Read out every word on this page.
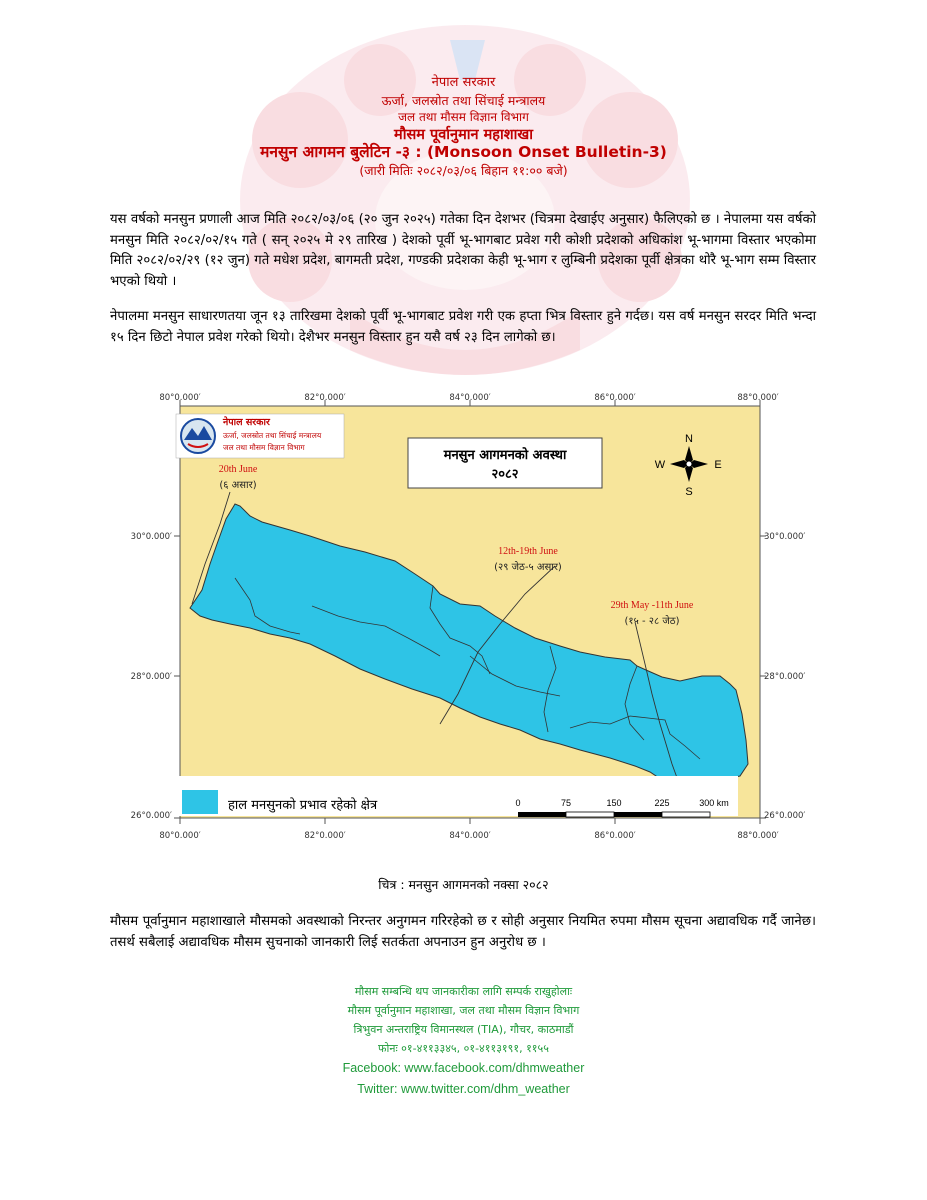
नेपाल सरकार
ऊर्जा, जलस्रोत तथा सिंचाई मन्त्रालय
जल तथा मौसम विज्ञान विभाग
मौसम पूर्वानुमान महाशाखा
मनसुन आगमन बुलेटिन -३ : (Monsoon Onset Bulletin-3)
(जारी मितिः २०८२/०३/०६ बिहान ११:०० बजे)

यस वर्षको मनसुन प्रणाली आज मिति २०८२/०३/०६ (२० जुन २०२५) गतेका दिन देशभर (चित्रमा देखाईए अनुसार) फैलिएको छ । नेपालमा यस वर्षको मनसुन मिति २०८२/०२/१५ गते ( सन् २०२५ मे २९ तारिख ) देशको पूर्वी भू-भागबाट प्रवेश गरी कोशी प्रदेशको अधिकांश भू-भागमा विस्तार भएकोमा मिति २०८२/०२/२९ (१२ जुन) गते मधेश प्रदेश, बागमती प्रदेश, गण्डकी प्रदेशका केही भू-भाग र लुम्बिनी प्रदेशका पूर्वी क्षेत्रका थोरै भू-भाग सम्म विस्तार भएको थियो ।

नेपालमा मनसुन साधारणतया जून १३ तारिखमा देशको पूर्वी भू-भागबाट प्रवेश गरी एक हप्ता भित्र विस्तार हुने गर्दछ। यस वर्ष मनसुन सरदर मिति भन्दा १५ दिन छिटो नेपाल प्रवेश गरेको थियो। देशैभर मनसुन विस्तार हुन यसै वर्ष २३ दिन लागेको छ।

80°0.000′	82°0.000′	84°0.000′	86°0.000′	88°0.000′
80°0.000′	82°0.000′	84°0.000′	86°0.000′	88°0.000′
30°0.000′
28°0.000′
26°0.000′
30°0.000′
28°0.000′
26°0.000′
नेपाल सरकार
ऊर्जा, जलस्रोत तथा सिंचाई मन्त्रालय
जल तथा मौसम विज्ञान विभाग
मनसुन आगमनको अवस्था
२०८२
N
S
W	E
20th June
(६ असार)
12th-19th June
(२९ जेठ-५ असार)
29th May -11th June
(१५ - २८ जेठ)
हाल मनसुनको प्रभाव रहेको क्षेत्र	0	75	150	225	300 km
चित्र : मनसुन आगमनको नक्सा २०८२

मौसम पूर्वानुमान महाशाखाले मौसमको अवस्थाको निरन्तर अनुगमन गरिरहेको छ र सोही अनुसार नियमित रुपमा मौसम सूचना अद्यावधिक गर्दै जानेछ। तसर्थ सबैलाई अद्यावधिक मौसम सुचनाको जानकारी लिई सतर्कता अपनाउन हुन अनुरोध छ ।

मौसम सम्बन्धि थप जानकारीका लागि सम्पर्क राखुहोलाः
मौसम पूर्वानुमान महाशाखा, जल तथा मौसम विज्ञान विभाग
त्रिभुवन अन्तराष्ट्रिय विमानस्थल (TIA), गौचर, काठमाडौं
फोनः ०१-४११३३४५, ०१-४११३१९१, ११५५
Facebook: www.facebook.com/dhmweather
Twitter: www.twitter.com/dhm_weather
